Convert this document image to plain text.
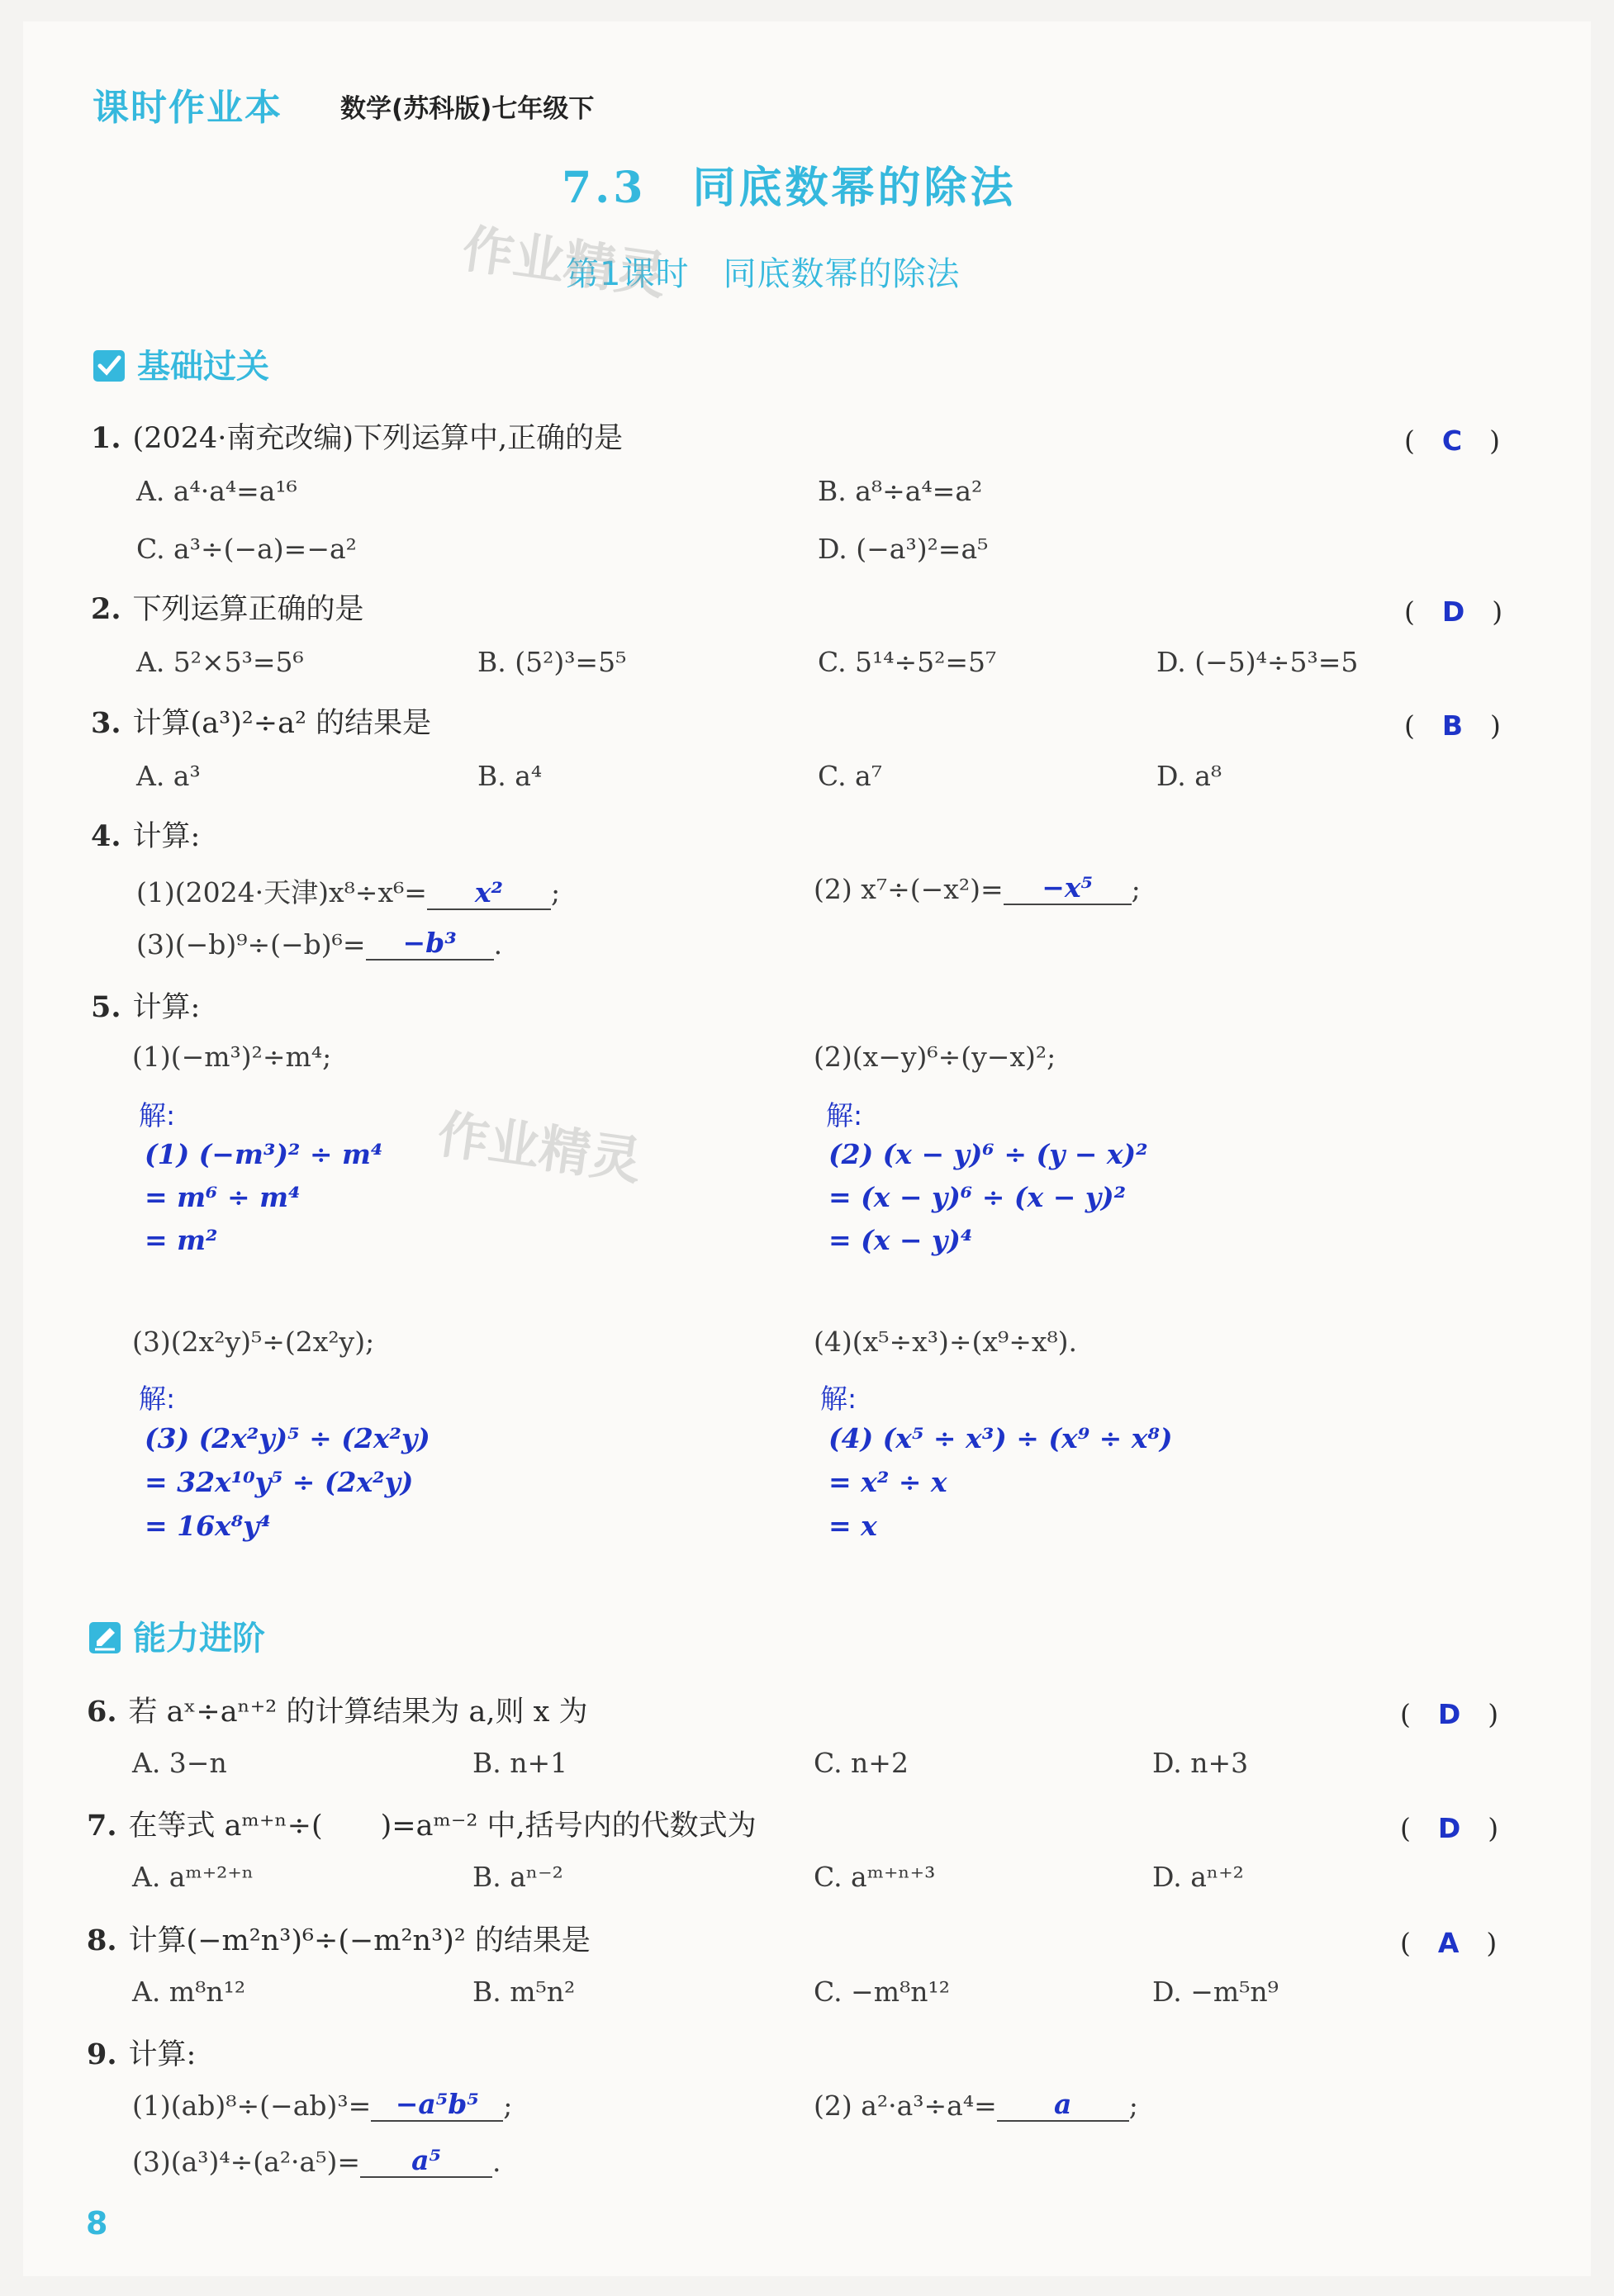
课时作业本 数学(苏科版)七年级下
7.3　同底数幂的除法
第1课时　同底数幂的除法
作业精灵
作业精灵
基础过关
1. (2024·南充改编)下列运算中,正确的是	(　C　)
A. a⁴·a⁴=a¹⁶	B. a⁸÷a⁴=a²
C. a³÷(−a)=−a²	D. (−a³)²=a⁵
2. 下列运算正确的是	(　D　)
A. 5²×5³=5⁶	B. (5²)³=5⁵	C. 5¹⁴÷5²=5⁷	D. (−5)⁴÷5³=5
3. 计算(a³)²÷a² 的结果是	(　B　)
A. a³	B. a⁴	C. a⁷	D. a⁸
4. 计算:
(1)(2024·天津)x⁸÷x⁶= x² ;	(2) x⁷÷(−x²)= −x⁵ ;
(3)(−b)⁹÷(−b)⁶= −b³ .
5. 计算:
(1)(−m³)²÷m⁴;	(2)(x−y)⁶÷(y−x)²;
解:
(1) (−m³)² ÷ m⁴
= m⁶ ÷ m⁴
= m²
解:
(2) (x − y)⁶ ÷ (y − x)²
= (x − y)⁶ ÷ (x − y)²
= (x − y)⁴
(3)(2x²y)⁵÷(2x²y);	(4)(x⁵÷x³)÷(x⁹÷x⁸).
解:
(3) (2x²y)⁵ ÷ (2x²y)
= 32x¹⁰y⁵ ÷ (2x²y)
= 16x⁸y⁴
解:
(4) (x⁵ ÷ x³) ÷ (x⁹ ÷ x⁸)
= x² ÷ x
= x
能力进阶
6. 若 aˣ÷aⁿ⁺² 的计算结果为 a,则 x 为	(　D　)
A. 3−n	B. n+1	C. n+2	D. n+3
7. 在等式 aᵐ⁺ⁿ÷(　　)=aᵐ⁻² 中,括号内的代数式为	(　D　)
A. aᵐ⁺²⁺ⁿ	B. aⁿ⁻²	C. aᵐ⁺ⁿ⁺³	D. aⁿ⁺²
8. 计算(−m²n³)⁶÷(−m²n³)² 的结果是	(　A　)
A. m⁸n¹²	B. m⁵n²	C. −m⁸n¹²	D. −m⁵n⁹
9. 计算:
(1)(ab)⁸÷(−ab)³= −a⁵b⁵ ;	(2) a²·a³÷a⁴= a ;
(3)(a³)⁴÷(a²·a⁵)= a⁵ .
8
